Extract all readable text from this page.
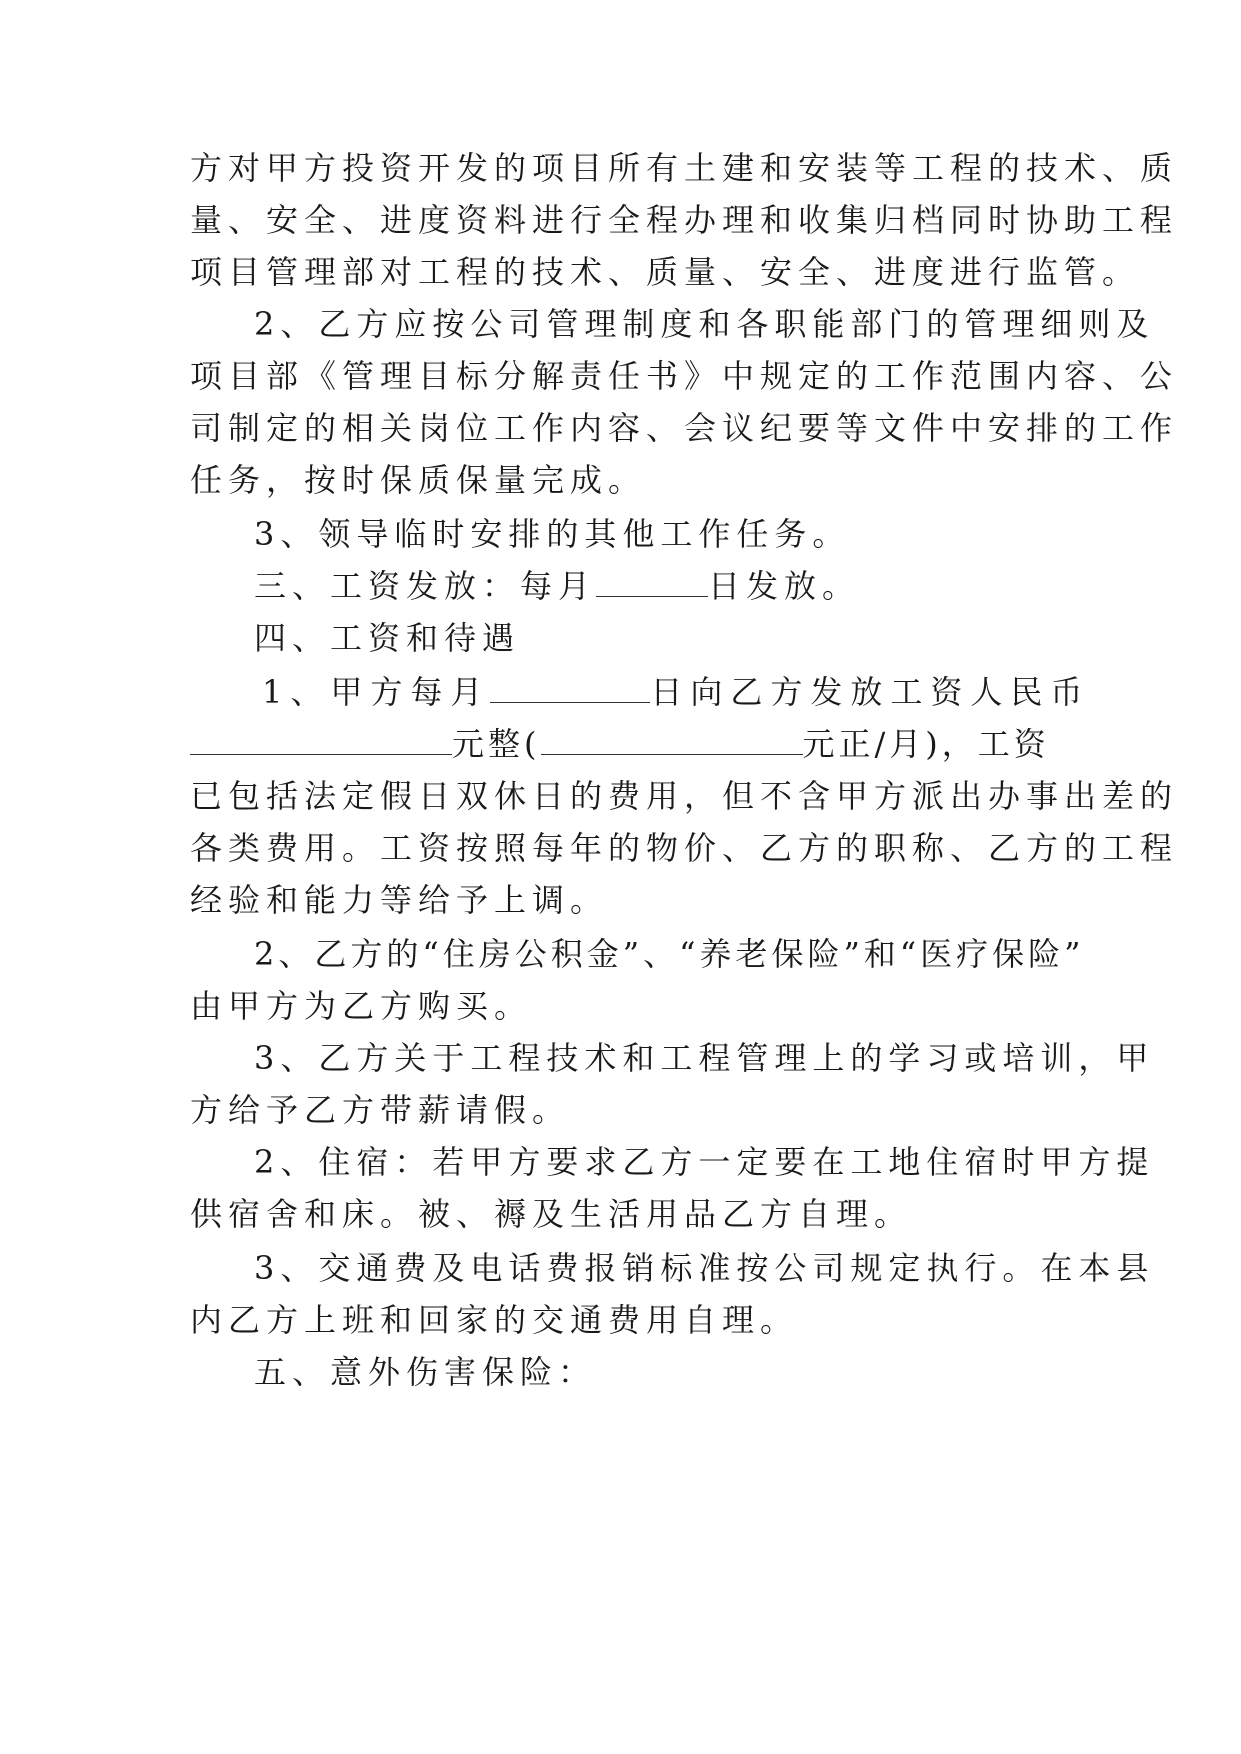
方对甲方投资开发的项目所有土建和安装等工程的技术、质
量、安全、进度资料进行全程办理和收集归档同时协助工程
项目管理部对工程的技术、质量、安全、进度进行监管。
2、乙方应按公司管理制度和各职能部门的管理细则及
项目部《管理目标分解责任书》中规定的工作范围内容、公
司制定的相关岗位工作内容、会议纪要等文件中安排的工作
任务，按时保质保量完成。
3、领导临时安排的其他工作任务。
三、工资发放：每月	日发放。
四、工资和待遇
1、甲方每月	日向乙方发放工资人民币
元整(	元正/月)，工资
已包括法定假日双休日的费用，但不含甲方派出办事出差的
各类费用。工资按照每年的物价、乙方的职称、乙方的工程
经验和能力等给予上调。
2、乙方的“住房公积金”、“养老保险”和“医疗保险”
由甲方为乙方购买。
3、乙方关于工程技术和工程管理上的学习或培训，甲
方给予乙方带薪请假。
2、住宿：若甲方要求乙方一定要在工地住宿时甲方提
供宿舍和床。被、褥及生活用品乙方自理。
3、交通费及电话费报销标准按公司规定执行。在本县
内乙方上班和回家的交通费用自理。
五、意外伤害保险：
